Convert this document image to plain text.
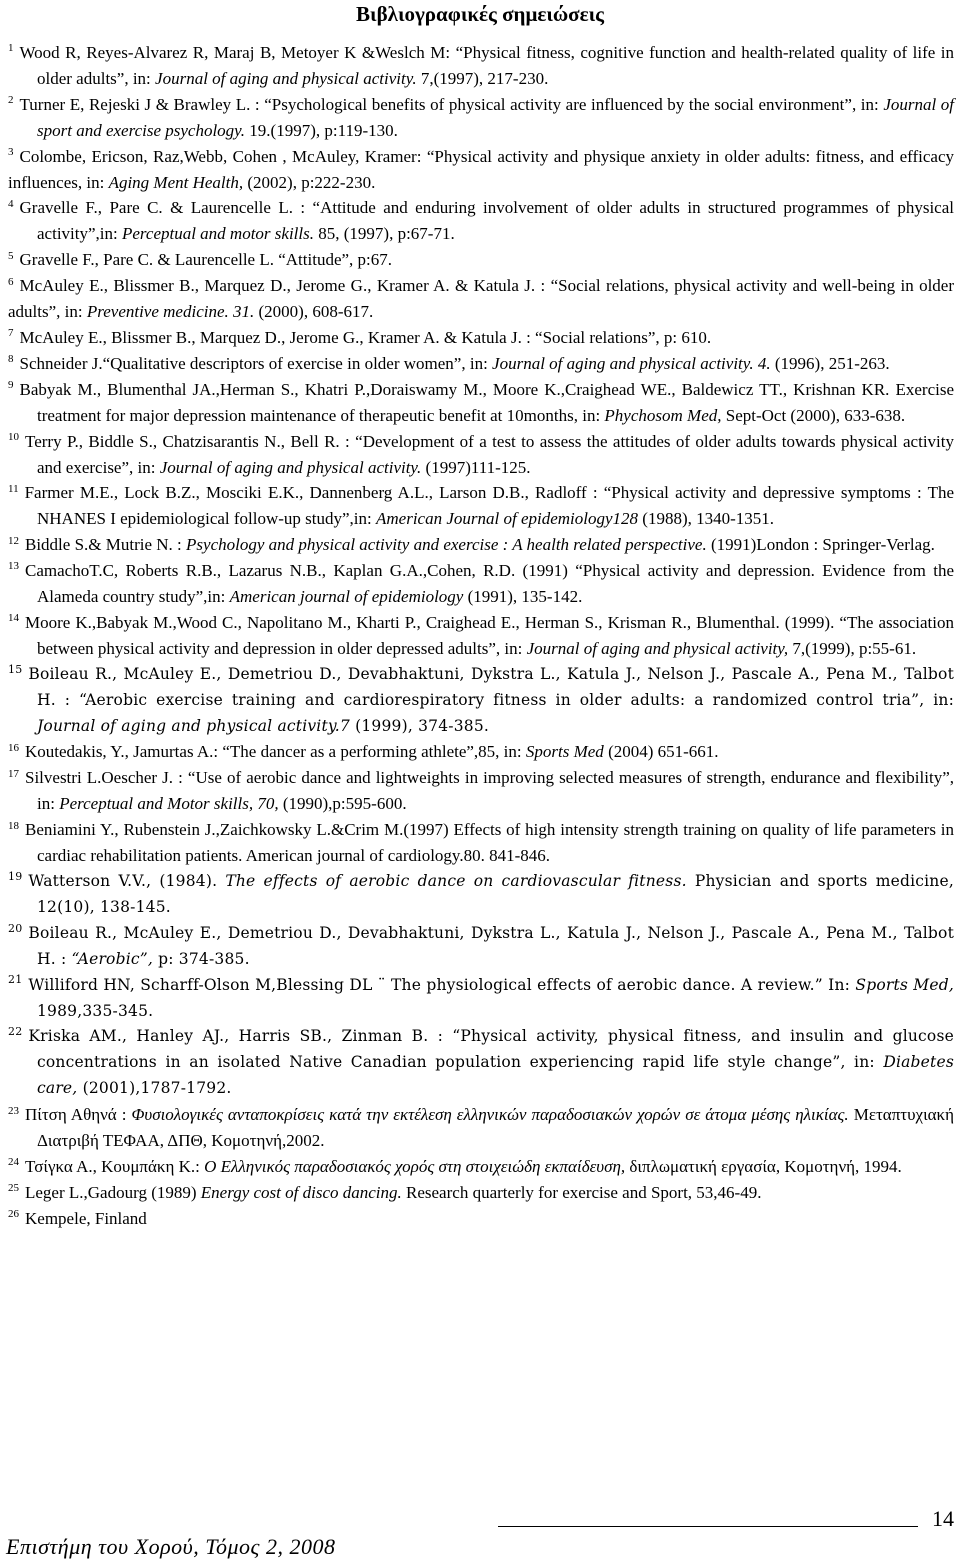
Βιβλιογραφικές σημειώσεις
$^1$ Wood R, Reyes-Alvarez R, Maraj B, Metoyer K &Weslch M: “Physical fitness, cognitive function and health-related quality of life in older adults”, in: Journal of aging and physical activity. 7,(1997), 217-230.
$^2$ Turner E, Rejeski J & Brawley L. : “Psychological benefits of physical activity are influenced by the social environment”, in: Journal of sport and exercise psychology. 19.(1997), p:119-130.
$^3$ Colombe, Ericson, Raz,Webb, Cohen , McAuley, Kramer: “Physical activity and physique anxiety in older adults: fitness, and efficacy influences, in: Aging Ment Health, (2002), p:222-230.
$^4$ Gravelle F., Pare C. & Laurencelle L. : “Attitude and enduring involvement of older adults in structured programmes of physical activity”,in: Perceptual and motor skills. 85, (1997), p:67-71.
$^5$ Gravelle F., Pare C. & Laurencelle L. “Attitude”, p:67.
$^6$ McAuley E., Blissmer B., Marquez D., Jerome G., Kramer A. & Katula J. : “Social relations, physical activity and well-being in older adults”, in: Preventive medicine. 31. (2000), 608-617.
$^7$ McAuley E., Blissmer B., Marquez D., Jerome G., Kramer A. & Katula J. : “Social relations”, p: 610.
$^8$ Schneider J.“Qualitative descriptors of exercise in older women”, in: Journal of aging and physical activity. 4. (1996), 251-263.
$^9$ Babyak M., Blumenthal JA.,Herman S., Khatri P.,Doraiswamy M., Moore K.,Craighead WE., Baldewicz TT., Krishnan KR. Exercise treatment for major depression maintenance of therapeutic benefit at 10months, in: Phychosom Med, Sept-Oct (2000), 633-638.
$^{10}$ Terry P., Biddle S., Chatzisarantis N., Bell R. : “Development of a test to assess the attitudes of older adults towards physical activity and exercise”, in: Journal of aging and physical activity. (1997)111-125.
$^{11}$ Farmer M.E., Lock B.Z., Mosciki E.K., Dannenberg A.L., Larson D.B., Radloff : “Physical activity and depressive symptoms : The NHANES I epidemiological follow-up study”,in: American Journal of epidemiology128 (1988), 1340-1351.
$^{12}$ Biddle S.& Mutrie N. : Psychology and physical activity and exercise : A health related perspective. (1991)London : Springer-Verlag.
$^{13}$ CamachoT.C, Roberts R.B., Lazarus N.B., Kaplan G.A.,Cohen, R.D. (1991) “Physical activity and depression. Evidence from the Alameda country study”,in: American journal of epidemiology (1991), 135-142.
$^{14}$ Moore K.,Babyak M.,Wood C., Napolitano M., Kharti P., Craighead E., Herman S., Krisman R., Blumenthal. (1999). “The association between physical activity and depression in older depressed adults”, in: Journal of aging and physical activity, 7,(1999), p:55-61.
$^{15}$ Boileau R., McAuley E., Demetriou D., Devabhaktuni, Dykstra L., Katula J., Nelson J., Pascale A., Pena M., Talbot H. : “Aerobic exercise training and cardiorespiratory fitness in older adults: a randomized control tria”, in: Journal of aging and physical activity.7 (1999), 374-385.
$^{16}$ Koutedakis, Y., Jamurtas A.: “The dancer as a performing athlete”,85, in: Sports Med (2004) 651-661.
$^{17}$ Silvestri L.Oescher J. : “Use of aerobic dance and lightweights in improving selected measures of strength, endurance and flexibility”, in: Perceptual and Motor skills, 70, (1990),p:595-600.
$^{18}$ Beniamini Y., Rubenstein J.,Zaichkowsky L.&Crim M.(1997) Effects of high intensity strength training on quality of life parameters in cardiac rehabilitation patients. American journal of cardiology.80. 841-846.
$^{19}$ Watterson V.V., (1984). The effects of aerobic dance on cardiovascular fitness. Physician and sports medicine, 12(10), 138-145.
$^{20}$ Boileau R., McAuley E., Demetriou D., Devabhaktuni, Dykstra L., Katula J., Nelson J., Pascale A., Pena M., Talbot H. : “Aerobic”, p: 374-385.
$^{21}$ Williford HN, Scharff-Olson M,Blessing DL ¨ The physiological effects of aerobic dance. A review.” In: Sports Med, 1989,335-345.
$^{22}$ Kriska AM., Hanley AJ., Harris SB., Zinman B. : “Physical activity, physical fitness, and insulin and glucose concentrations in an isolated Native Canadian population experiencing rapid life style change”, in: Diabetes care, (2001),1787-1792.
$^{23}$ Πίτση Αθηνά : Φυσιολογικές ανταποκρίσεις κατά την εκτέλεση ελληνικών παραδοσιακών χορών σε άτομα μέσης ηλικίας. Μεταπτυχιακή Διατριβή ΤΕΦΑΑ, ΔΠΘ, Κομοτηνή,2002.
$^{24}$ Τσίγκα Α., Κουμπάκη Κ.: Ο Ελληνικός παραδοσιακός χορός στη στοιχειώδη εκπαίδευση, διπλωματική εργασία, Κομοτηνή, 1994.
$^{25}$ Leger L.,Gadourg (1989) Energy cost of disco dancing. Research quarterly for exercise and Sport, 53,46-49.
$^{26}$ Kempele, Finland
Επιστήμη του Χορού, Τόμος 2, 2008
14
